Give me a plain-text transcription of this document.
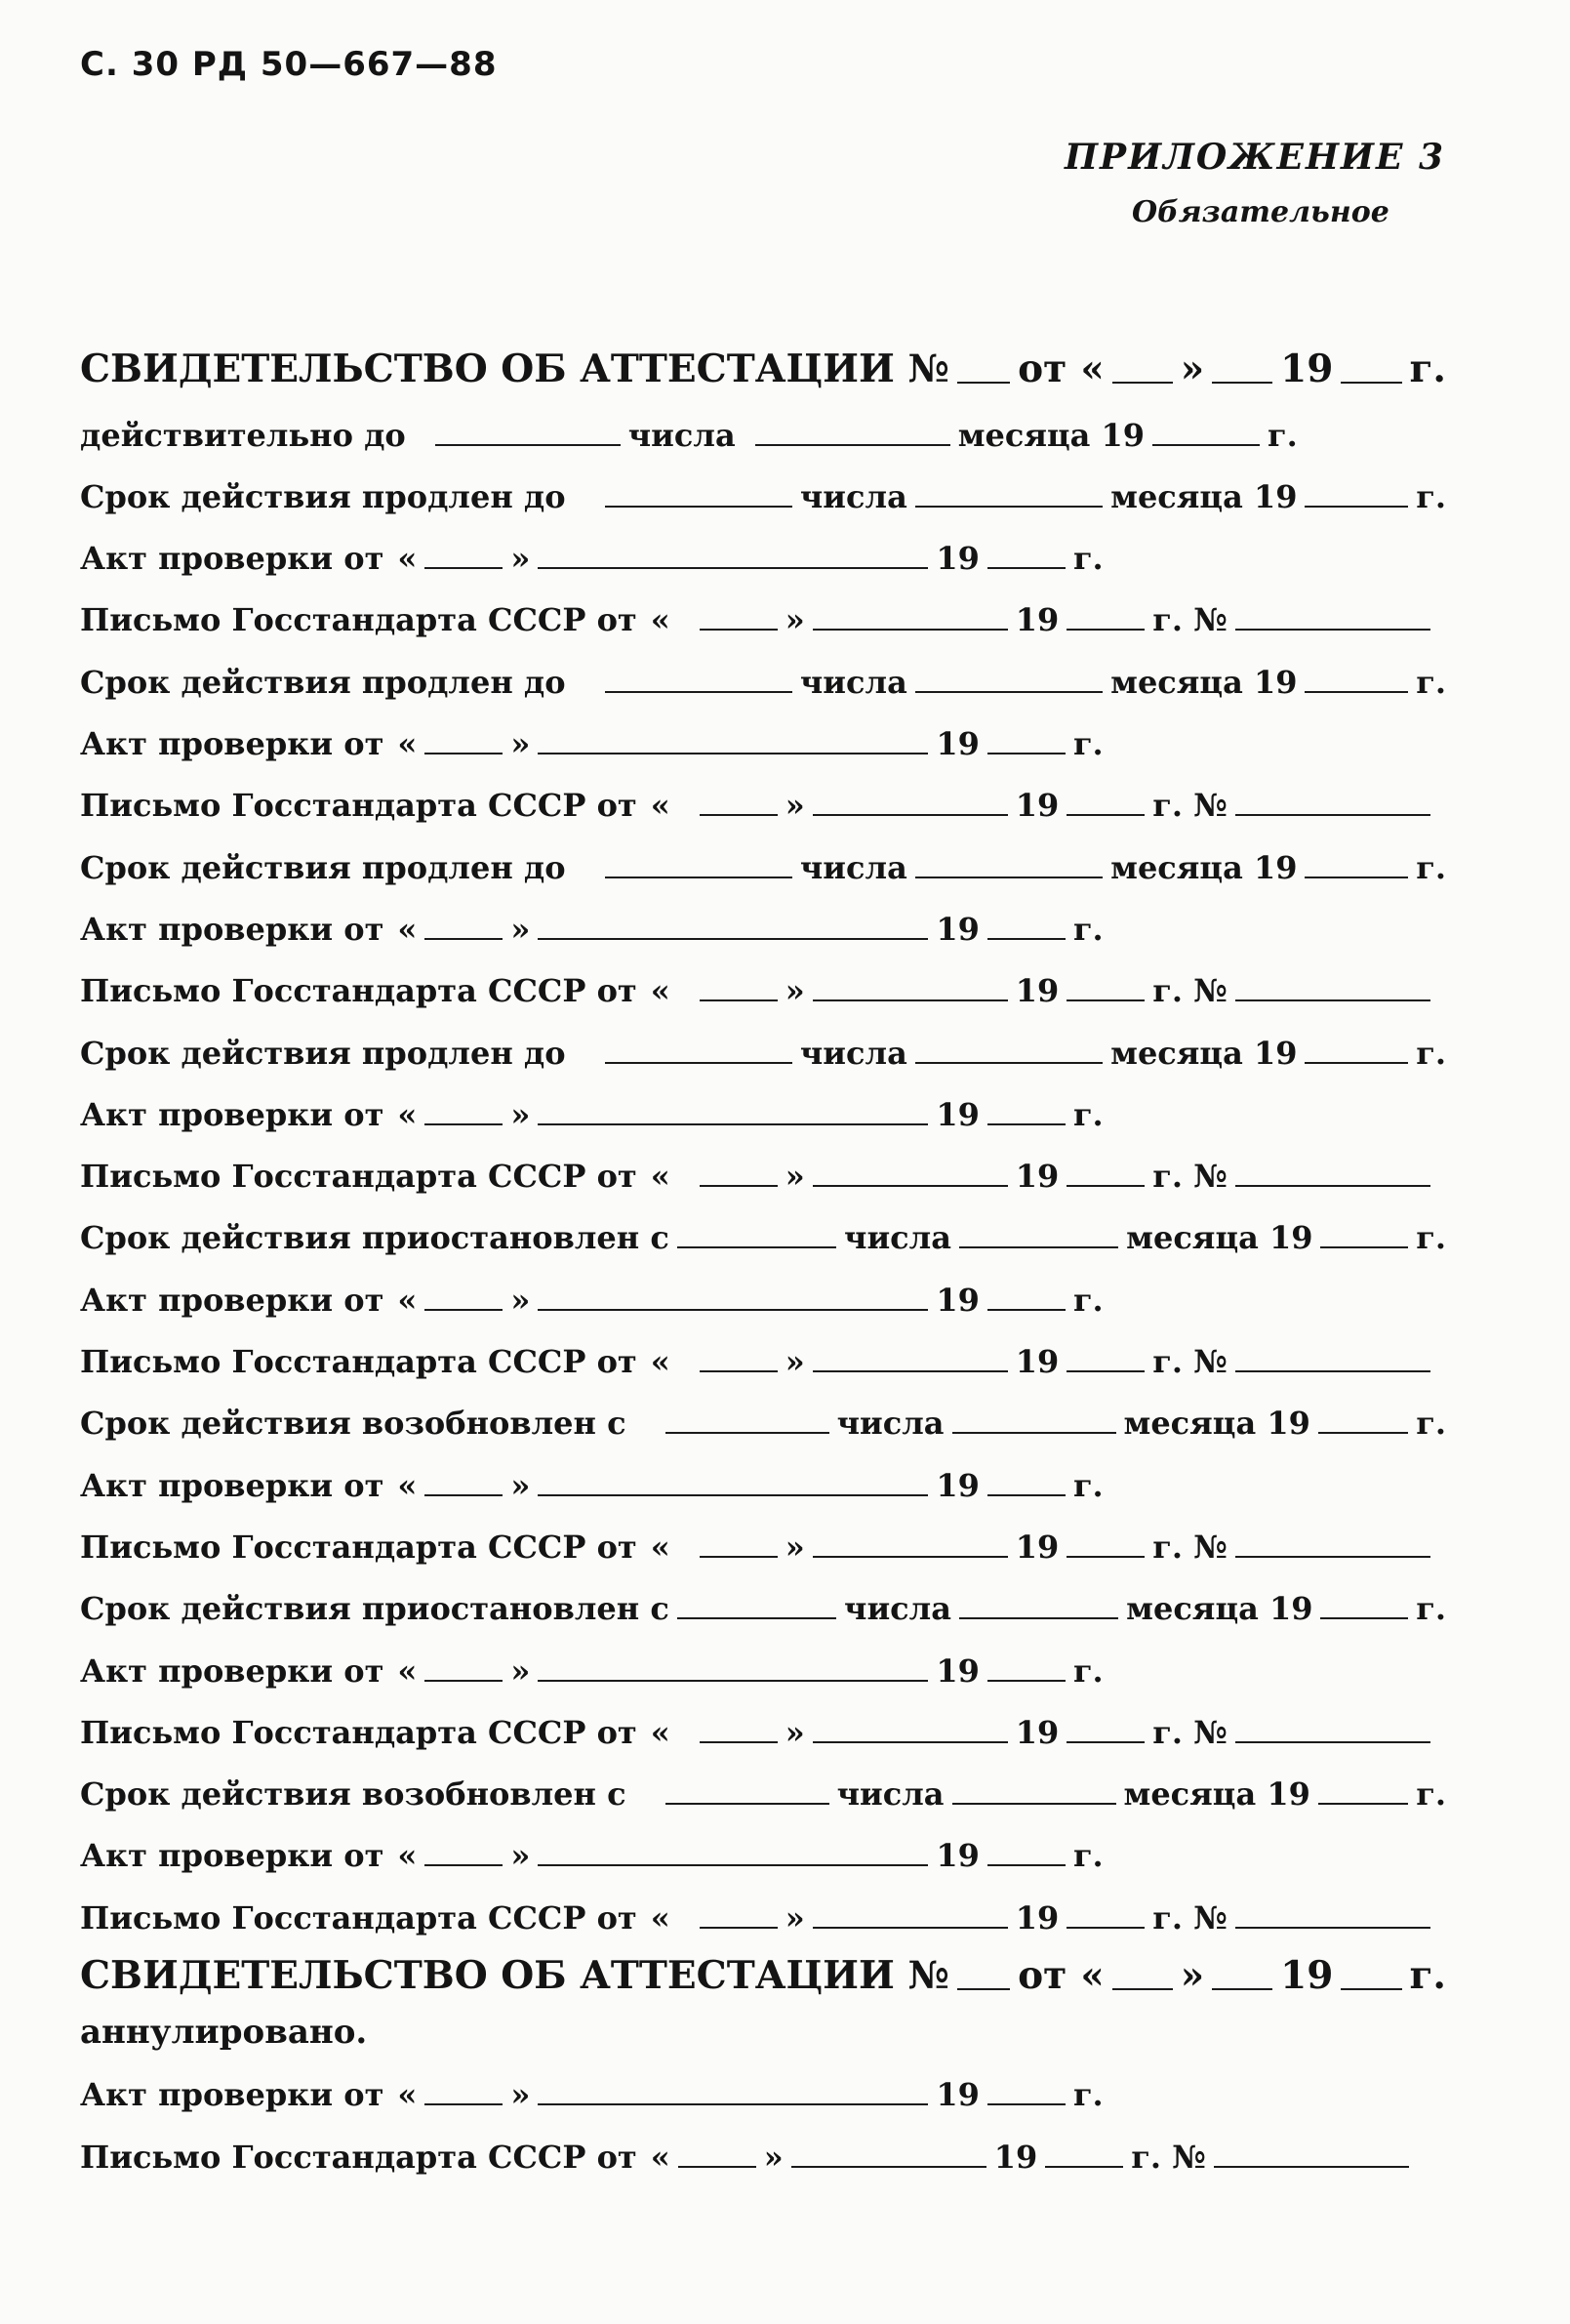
С. 30 РД 50—667—88
ПРИЛОЖЕНИЕ 3
Обязательное
СВИДЕТЕЛЬСТВО ОБ АТТЕСТАЦИИ № от « » 19 г.
действительно до	числа	месяца 19	г.
Срок действия продлен до	числа	месяца 19	г.
Акт проверки от «	»	19	г.
Письмо Госстандарта СССР от «	»	19	г. №
Срок действия продлен до	числа	месяца 19	г.
Акт проверки от «	»	19	г.
Письмо Госстандарта СССР от «	»	19	г. №
Срок действия продлен до	числа	месяца 19	г.
Акт проверки от «	»	19	г.
Письмо Госстандарта СССР от «	»	19	г. №
Срок действия продлен до	числа	месяца 19	г.
Акт проверки от «	»	19	г.
Письмо Госстандарта СССР от «	»	19	г. №
Срок действия приостановлен с	числа	месяца 19	г.
Акт проверки от «	»	19	г.
Письмо Госстандарта СССР от «	»	19	г. №
Срок действия возобновлен с	числа	месяца 19	г.
Акт проверки от «	»	19	г.
Письмо Госстандарта СССР от «	»	19	г. №
Срок действия приостановлен с	числа	месяца 19	г.
Акт проверки от «	»	19	г.
Письмо Госстандарта СССР от «	»	19	г. №
Срок действия возобновлен с	числа	месяца 19	г.
Акт проверки от «	»	19	г.
Письмо Госстандарта СССР от «	»	19	г. №
СВИДЕТЕЛЬСТВО ОБ АТТЕСТАЦИИ № от « » 19 г.
аннулировано.
Акт проверки от «	»	19	г.
Письмо Госстандарта СССР от «	»	19	г. №
